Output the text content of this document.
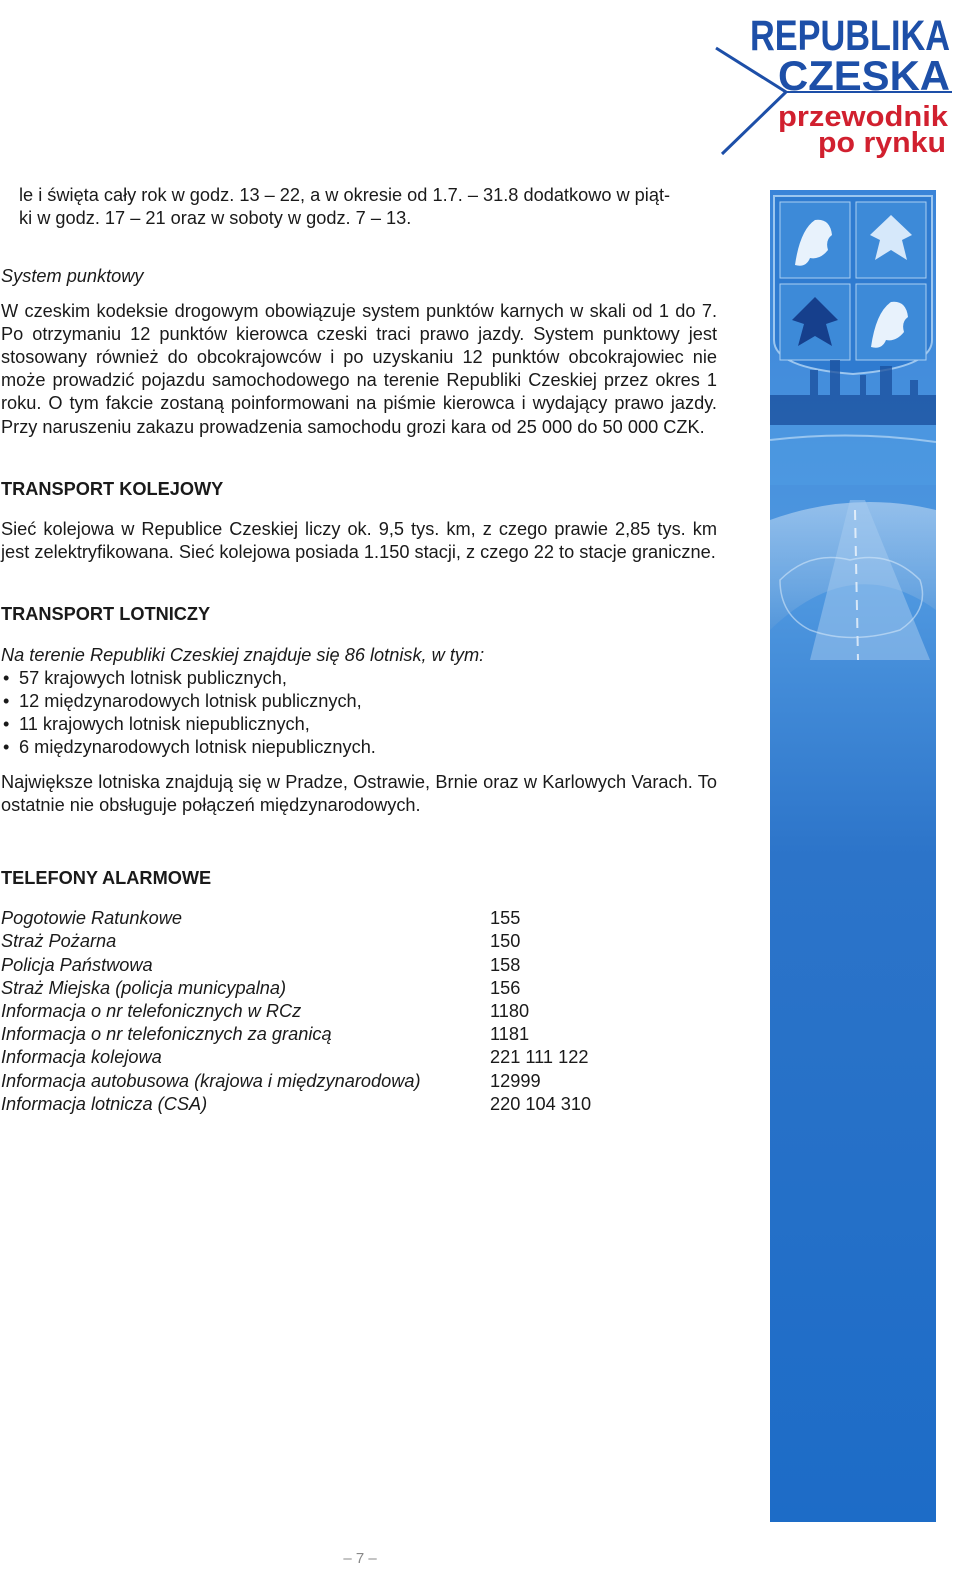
REPUBLIKA
CZESKA
przewodnik
po rynku

le i święta cały rok w godz. 13 – 22, a w okresie od 1.7. – 31.8 dodatkowo w piąt-
ki w godz. 17 – 21 oraz w soboty w godz. 7 – 13.

System punktowy

W czeskim kodeksie drogowym obowiązuje system punktów karnych w skali od 1 do 7. Po otrzymaniu 12 punktów kierowca czeski traci prawo jazdy. System punktowy jest stosowany również do obcokrajowców i po uzyskaniu 12 punktów obcokrajowiec nie może prowadzić pojazdu samochodowego na terenie Republiki Czeskiej przez okres 1 roku. O tym fakcie zostaną poinformowani na piśmie kierowca i wydający prawo jazdy. Przy naruszeniu zakazu prowadzenia samochodu grozi kara od 25 000 do 50 000 CZK.

TRANSPORT KOLEJOWY

Sieć kolejowa w Republice Czeskiej liczy ok. 9,5 tys. km, z czego prawie 2,85 tys. km jest zelektryfikowana. Sieć kolejowa posiada 1.150 stacji, z czego 22 to stacje graniczne.

TRANSPORT LOTNICZY

Na terenie Republiki Czeskiej znajduje się 86 lotnisk, w tym:

• 57 krajowych lotnisk publicznych,
• 12 międzynarodowych lotnisk publicznych,
• 11 krajowych lotnisk niepublicznych,
• 6 międzynarodowych lotnisk niepublicznych.

Największe lotniska znajdują się w Pradze, Ostrawie, Brnie oraz w Karlowych Varach. To ostatnie nie obsługuje połączeń międzynarodowych.

TELEFONY ALARMOWE

Pogotowie Ratunkowe	155
Straż Pożarna	150
Policja Państwowa	158
Straż Miejska (policja municypalna)	156
Informacja o nr telefonicznych w RCz	1180
Informacja o nr telefonicznych za granicą	1181
Informacja kolejowa	221 111 122
Informacja autobusowa (krajowa i międzynarodowa)	12999
Informacja lotnicza (CSA)	220 104 310
– 7 –
